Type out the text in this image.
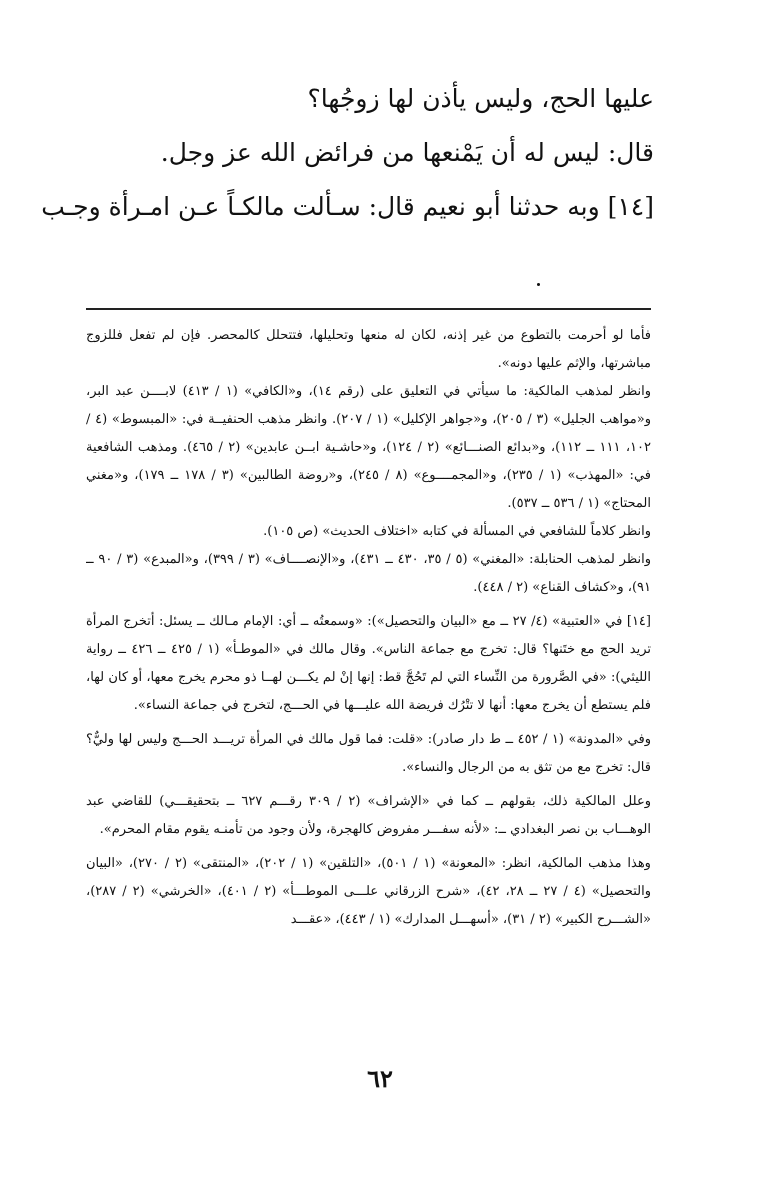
عليها الحج، وليس يأذن لها زوجُها؟
قال: ليس له أن يَمْنعها من فرائض الله عز وجل.
[١٤] وبه حدثنا أبو نعيم قال: سـألت مالكـاً عـن امـرأة وجـب

فأما لو أحرمت بالتطوع من غير إذنه، لكان له منعها وتحليلها، فتتحلل كالمحصر. فإن لم تفعل فللزوج مباشرتها، والإثم عليها دونه».

وانظر لمذهب المالكية: ما سيأتي في التعليق على (رقم ١٤)، و«الكافي» (١ / ٤١٣) لابــــن عبد البر، و«مواهب الجليل» (٣ / ٢٠٥)، و«جواهر الإكليل» (١ / ٢٠٧). وانظر مذهب الحنفيــة في: «المبسوط» (٤ / ١٠٢، ١١١ ــ ١١٢)، و«بدائع الصنـــائع» (٢ / ١٢٤)، و«حاشـية ابــن عابدين» (٢ / ٤٦٥). ومذهب الشافعية في: «المهذب» (١ / ٢٣٥)، و«المجمــــوع» (٨ / ٢٤٥)، و«روضة الطالبين» (٣ / ١٧٨ ــ ١٧٩)، و«مغني المحتاج» (١ / ٥٣٦ ــ ٥٣٧).

وانظر كلاماً للشافعي في المسألة في كتابه «اختلاف الحديث» (ص ١٠٥).

وانظر لمذهب الحنابلة: «المغني» (٥ / ٣٥، ٤٣٠ ــ ٤٣١)، و«الإنصــــاف» (٣ / ٣٩٩)، و«المبدع» (٣ / ٩٠ ــ ٩١)، و«كشاف القناع» (٢ / ٤٤٨).

[١٤] في «العتبية» (٤/ ٢٧ ــ مع «البيان والتحصيل»): «وسمعتُه ــ أي: الإمام مـالك ــ يسئل: أتخرج المرأة تريد الحج مع ختَنها؟ قال: تخرج مع جماعة الناس». وقال مالك في «الموطـأ» (١ / ٤٢٥ ــ ٤٢٦ ــ رواية الليثي): «في الصَّرورة من النِّساء التي لم تَحُجَّ قط: إنها إنْ لم يكـــن لهــا ذو محرم يخرج معها، أو كان لها، فلم يستطع أن يخرج معها: أنها لا تتْرُك فريضة الله عليـــها في الحـــج، لتخرج في جماعة النساء».

وفي «المدونة» (١ / ٤٥٢ ــ ط دار صادر): «قلت: فما قول مالك في المرأة تريـــد الحـــج وليس لها وليٌّ؟ قال: تخرج مع من تثق به من الرجال والنساء».

وعلل المالكية ذلك، بقولهم ــ كما في «الإشراف» (٢ / ٣٠٩ رقـــم ٦٢٧ ــ بتحقيقـــي) للقاضي عبد الوهـــاب بن نصر البغدادي ــ: «لأنه سفـــر مفروض كالهجرة، ولأن وجود من تأمنـه يقوم مقام المحرم».

وهذا مذهب المالكية، انظر: «المعونة» (١ / ٥٠١)، «التلقين» (١ / ٢٠٢)، «المنتقى» (٢ / ٢٧٠)، «البيان والتحصيل» (٤ / ٢٧ ــ ٢٨، ٤٢)، «شرح الزرقاني علـــى الموطـــأ» (٢ / ٤٠١)، «الخرشي» (٢ / ٢٨٧)، «الشـــرح الكبير» (٢ / ٣١)، «أسهـــل المدارك» (١ / ٤٤٣)، «عقـــد

٦٢
